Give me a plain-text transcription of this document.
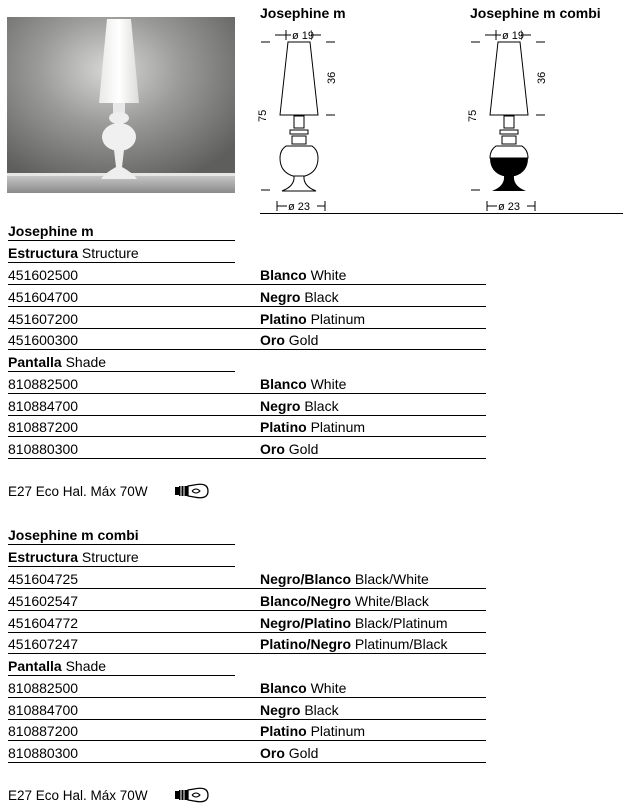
Josephine m
ø 19
36
75
ø 23
Josephine m combi
ø 19
36
75
ø 23
Josephine m
Estructura Structure
451602500	Blanco White
451604700	Negro Black
451607200	Platino Platinum
451600300	Oro Gold
Pantalla Shade
810882500	Blanco White
810884700	Negro Black
810887200	Platino Platinum
810880300	Oro Gold
E27 Eco Hal. Máx 70W
Josephine m combi
Estructura Structure
451604725	Negro/Blanco Black/White
451602547	Blanco/Negro White/Black
451604772	Negro/Platino Black/Platinum
451607247	Platino/Negro Platinum/Black
Pantalla Shade
810882500	Blanco White
810884700	Negro Black
810887200	Platino Platinum
810880300	Oro Gold
E27 Eco Hal. Máx 70W
